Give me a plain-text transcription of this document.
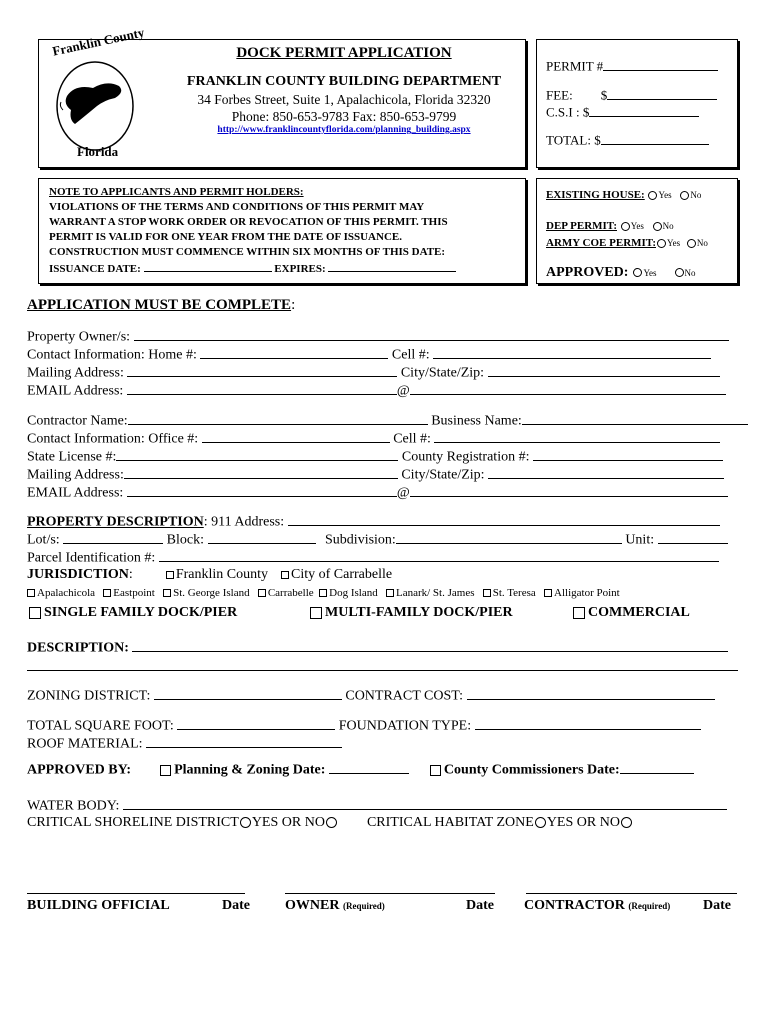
Franklin County
Florida
DOCK PERMIT APPLICATION
FRANKLIN COUNTY BUILDING DEPARTMENT
34 Forbes Street, Suite 1, Apalachicola, Florida 32320
Phone: 850-653-9783 Fax: 850-653-9799
http://www.franklincountyflorida.com/planning_building.aspx
PERMIT #
FEE: $
C.S.I : $
TOTAL: $
NOTE TO APPLICANTS AND PERMIT HOLDERS:
VIOLATIONS OF THE TERMS AND CONDITIONS OF THIS PERMIT MAY
WARRANT A STOP WORK ORDER OR REVOCATION OF THIS PERMIT. THIS
PERMIT IS VALID FOR ONE YEAR FROM THE DATE OF ISSUANCE.
CONSTRUCTION MUST COMMENCE WITHIN SIX MONTHS OF THIS DATE:
ISSUANCE DATE:	EXPIRES:
EXISTING HOUSE: Yes No
DEP PERMIT: Yes No
ARMY COE PERMIT: Yes No
APPROVED: Yes	No
APPLICATION MUST BE COMPLETE:
Property Owner/s:
Contact Information: Home #:	Cell #:
Mailing Address:	City/State/Zip:
EMAIL Address:	@
Contractor Name:	Business Name:
Contact Information: Office #:	Cell #:
State License #:	County Registration #:
Mailing Address:	City/State/Zip:
EMAIL Address:	@
PROPERTY DESCRIPTION: 911 Address:
Lot/s:	Block:	Subdivision:	Unit:
Parcel Identification #:
JURISDICTION:	Franklin County City of Carrabelle
Apalachicola Eastpoint St. George Island Carrabelle Dog Island Lanark/ St. James St. Teresa Alligator Point
SINGLE FAMILY DOCK/PIER	MULTI-FAMILY DOCK/PIER	COMMERCIAL
DESCRIPTION:
ZONING DISTRICT:	CONTRACT COST:
TOTAL SQUARE FOOT:	FOUNDATION TYPE:
ROOF MATERIAL:
APPROVED BY:	Planning & Zoning Date:	County Commissioners Date:
WATER BODY:
CRITICAL SHORELINE DISTRICT YES OR NO	CRITICAL HABITAT ZONE YES OR NO
BUILDING OFFICIAL	Date	OWNER (Required)	Date CONTRACTOR (Required) Date
